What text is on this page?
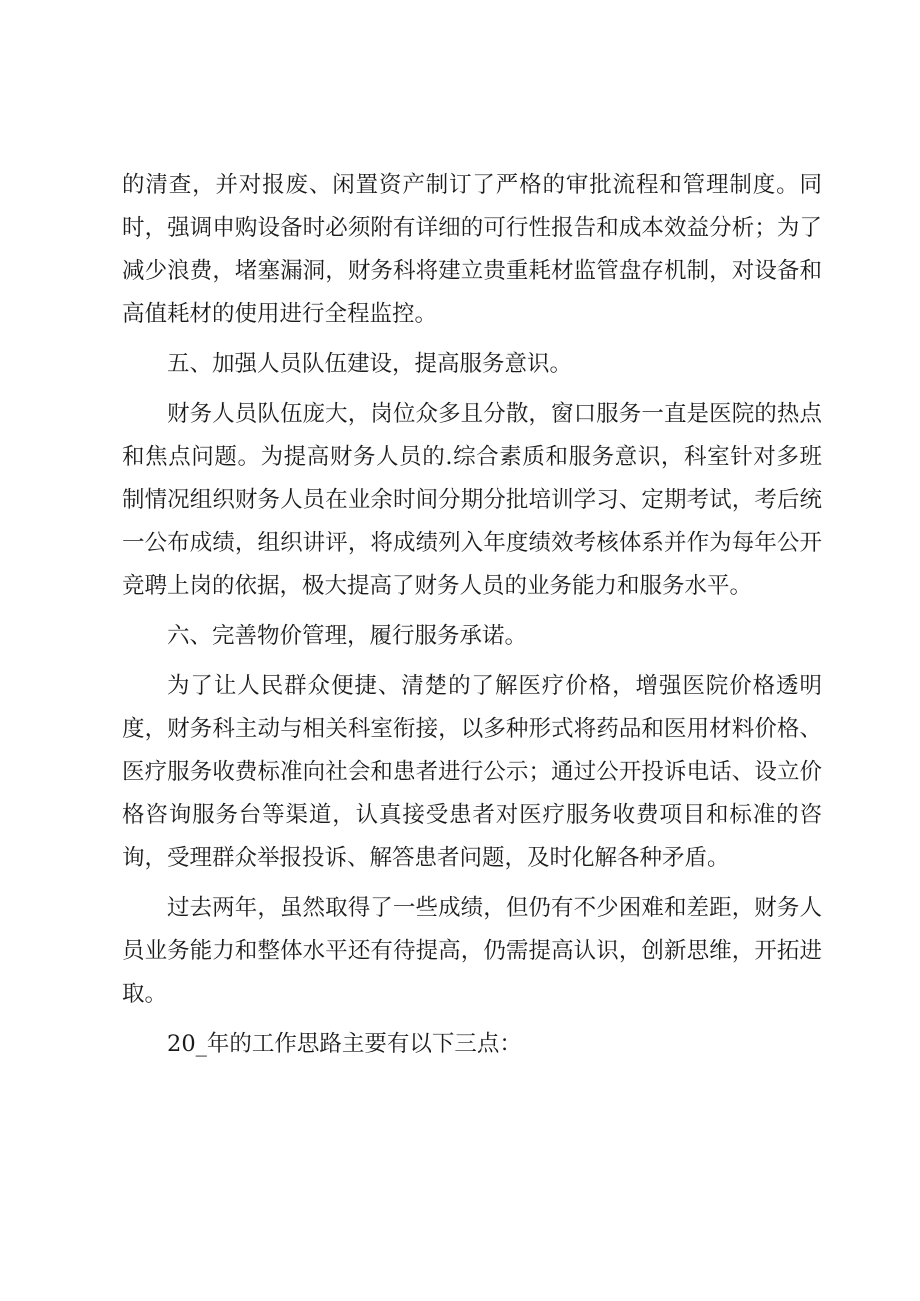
的清查，并对报废、闲置资产制订了严格的审批流程和管理制度。同时，强调申购设备时必须附有详细的可行性报告和成本效益分析；为了减少浪费，堵塞漏洞，财务科将建立贵重耗材监管盘存机制，对设备和高值耗材的使用进行全程监控。

五、加强人员队伍建设，提高服务意识。

财务人员队伍庞大，岗位众多且分散，窗口服务一直是医院的热点和焦点问题。为提高财务人员的.综合素质和服务意识，科室针对多班制情况组织财务人员在业余时间分期分批培训学习、定期考试，考后统一公布成绩，组织讲评，将成绩列入年度绩效考核体系并作为每年公开竞聘上岗的依据，极大提高了财务人员的业务能力和服务水平。

六、完善物价管理，履行服务承诺。

为了让人民群众便捷、清楚的了解医疗价格，增强医院价格透明度，财务科主动与相关科室衔接，以多种形式将药品和医用材料价格、医疗服务收费标准向社会和患者进行公示；通过公开投诉电话、设立价格咨询服务台等渠道，认真接受患者对医疗服务收费项目和标准的咨询，受理群众举报投诉、解答患者问题，及时化解各种矛盾。

过去两年，虽然取得了一些成绩，但仍有不少困难和差距，财务人员业务能力和整体水平还有待提高，仍需提高认识，创新思维，开拓进取。

20_年的工作思路主要有以下三点：
